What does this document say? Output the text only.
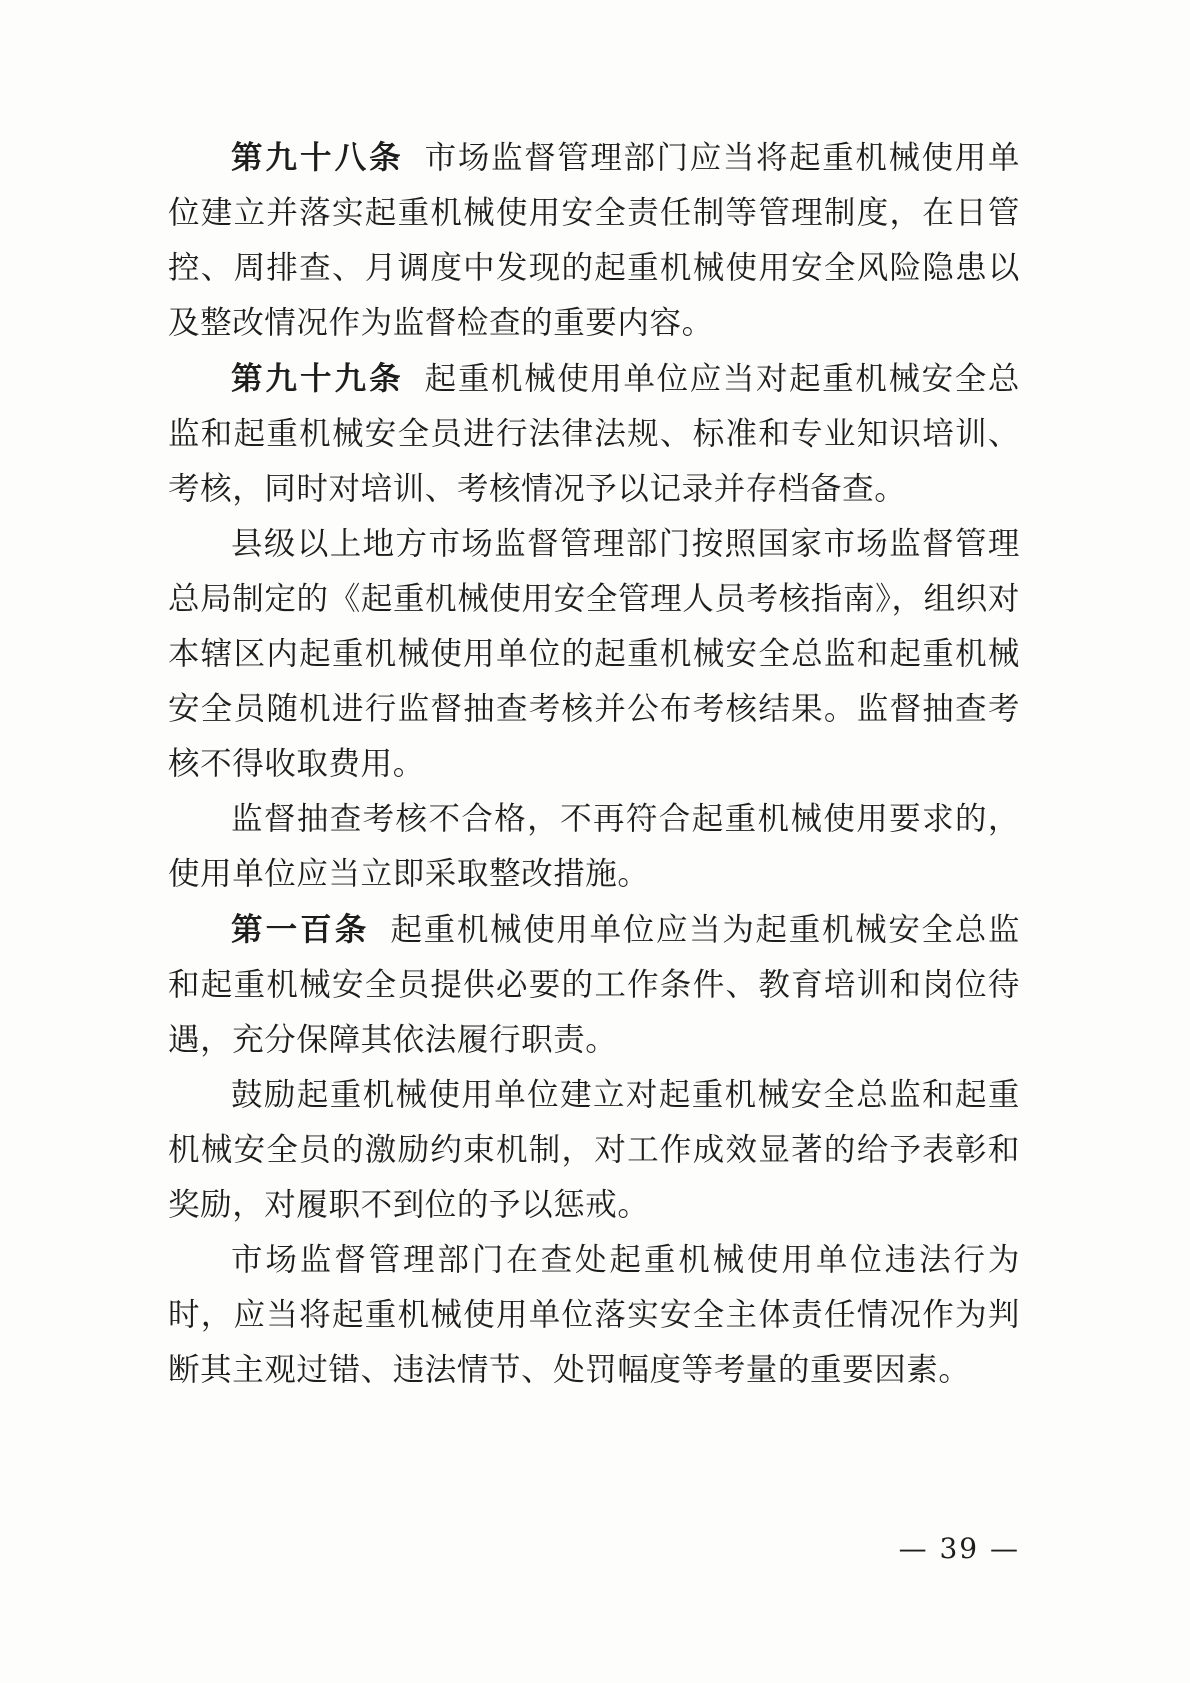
第九十八条 市场监督管理部门应当将起重机械使用单位建立并落实起重机械使用安全责任制等管理制度，在日管控、周排查、月调度中发现的起重机械使用安全风险隐患以及整改情况作为监督检查的重要内容。

第九十九条 起重机械使用单位应当对起重机械安全总监和起重机械安全员进行法律法规、标准和专业知识培训、考核，同时对培训、考核情况予以记录并存档备查。

县级以上地方市场监督管理部门按照国家市场监督管理总局制定的《起重机械使用安全管理人员考核指南》，组织对本辖区内起重机械使用单位的起重机械安全总监和起重机械安全员随机进行监督抽查考核并公布考核结果。监督抽查考核不得收取费用。

监督抽查考核不合格，不再符合起重机械使用要求的，使用单位应当立即采取整改措施。

第一百条 起重机械使用单位应当为起重机械安全总监和起重机械安全员提供必要的工作条件、教育培训和岗位待遇，充分保障其依法履行职责。

鼓励起重机械使用单位建立对起重机械安全总监和起重机械安全员的激励约束机制，对工作成效显著的给予表彰和奖励，对履职不到位的予以惩戒。

市场监督管理部门在查处起重机械使用单位违法行为时，应当将起重机械使用单位落实安全主体责任情况作为判断其主观过错、违法情节、处罚幅度等考量的重要因素。

— 39 —
